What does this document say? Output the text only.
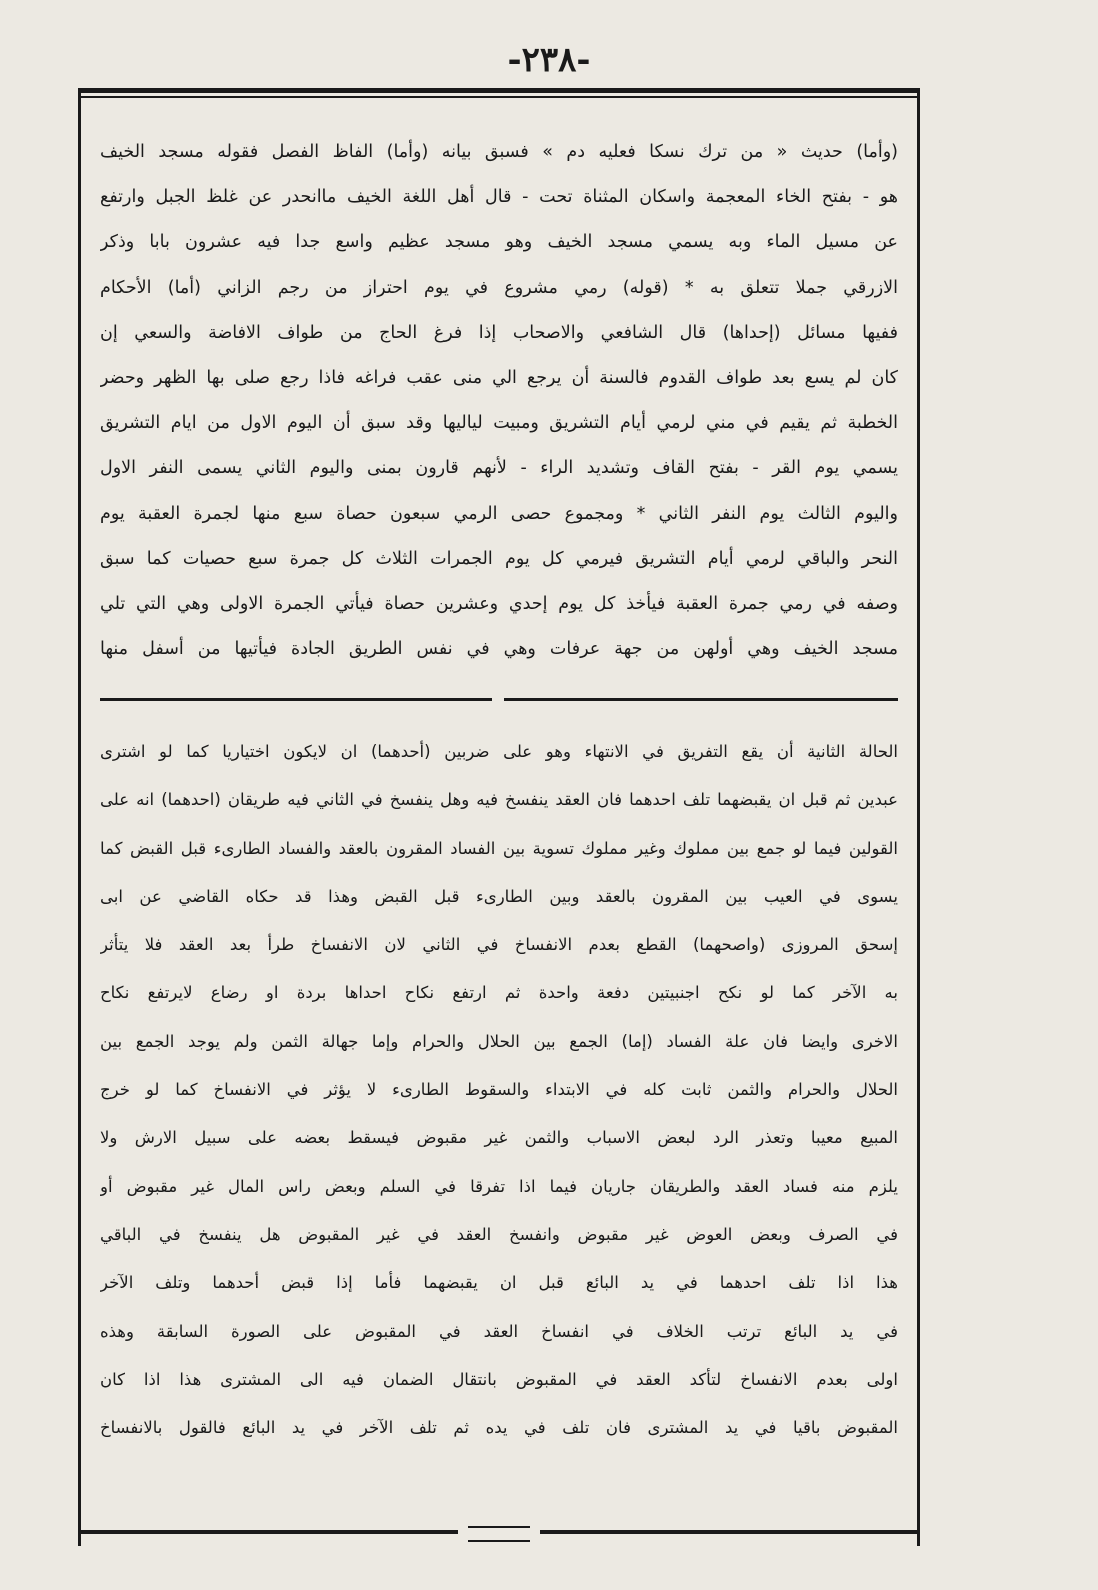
-٢٣٨-

(وأما) حديث « من ترك نسكا فعليه دم » فسبق بيانه (وأما) الفاظ الفصل فقوله مسجد الخيف

هو - بفتح الخاء المعجمة واسكان المثناة تحت - قال أهل اللغة الخيف ماانحدر عن غلظ الجبل وارتفع

عن مسيل الماء وبه يسمي مسجد الخيف وهو مسجد عظيم واسع جدا فيه عشرون بابا وذكر

الازرقي جملا تتعلق به * (قوله) رمي مشروع في يوم احتراز من رجم الزاني (أما) الأحكام

ففيها مسائل (إحداها) قال الشافعي والاصحاب إذا فرغ الحاج من طواف الافاضة والسعي إن

كان لم يسع بعد طواف القدوم فالسنة أن يرجع الي منى عقب فراغه فاذا رجع صلى بها الظهر وحضر

الخطبة ثم يقيم في مني لرمي أيام التشريق ومبيت لياليها وقد سبق أن اليوم الاول من ايام التشريق

يسمي يوم القر - بفتح القاف وتشديد الراء - لأنهم قارون بمنى واليوم الثاني يسمى النفر الاول

واليوم الثالث يوم النفر الثاني * ومجموع حصى الرمي سبعون حصاة سبع منها لجمرة العقبة يوم

النحر والباقي لرمي أيام التشريق فيرمي كل يوم الجمرات الثلاث كل جمرة سبع حصيات كما سبق

وصفه في رمي جمرة العقبة فيأخذ كل يوم إحدي وعشرين حصاة فيأتي الجمرة الاولى وهي التي تلي

مسجد الخيف وهي أولهن من جهة عرفات وهي في نفس الطريق الجادة فيأتيها من أسفل منها

الحالة الثانية أن يقع التفريق في الانتهاء وهو على ضربين (أحدهما) ان لايكون اختياريا كما لو اشترى

عبدين ثم قبل ان يقبضهما تلف احدهما فان العقد ينفسخ فيه وهل ينفسخ في الثاني فيه طريقان (احدهما) انه على

القولين فيما لو جمع بين مملوك وغير مملوك تسوية بين الفساد المقرون بالعقد والفساد الطارىء قبل القبض كما

يسوى في العيب بين المقرون بالعقد وبين الطارىء قبل القبض وهذا قد حكاه القاضي عن ابى

إسحق المروزى (واصحهما) القطع بعدم الانفساخ في الثاني لان الانفساخ طرأ بعد العقد فلا يتأثر

به الآخر كما لو نكح اجنبيتين دفعة واحدة ثم ارتفع نكاح احداها بردة او رضاع لايرتفع نكاح

الاخرى وايضا فان علة الفساد (إما) الجمع بين الحلال والحرام وإما جهالة الثمن ولم يوجد الجمع بين

الحلال والحرام والثمن ثابت كله في الابتداء والسقوط الطارىء لا يؤثر في الانفساخ كما لو خرج

المبيع معيبا وتعذر الرد لبعض الاسباب والثمن غير مقبوض فيسقط بعضه على سبيل الارش ولا

يلزم منه فساد العقد والطريقان جاريان فيما اذا تفرقا في السلم وبعض راس المال غير مقبوض أو

في الصرف وبعض العوض غير مقبوض وانفسخ العقد في غير المقبوض هل ينفسخ في الباقي

هذا اذا تلف احدهما في يد البائع قبل ان يقبضهما فأما إذا قبض أحدهما وتلف الآخر

في يد البائع ترتب الخلاف في انفساخ العقد في المقبوض على الصورة السابقة وهذه

اولى بعدم الانفساخ لتأكد العقد في المقبوض بانتقال الضمان فيه الى المشترى هذا اذا كان

المقبوض باقيا في يد المشترى فان تلف في يده ثم تلف الآخر في يد البائع فالقول بالانفساخ
